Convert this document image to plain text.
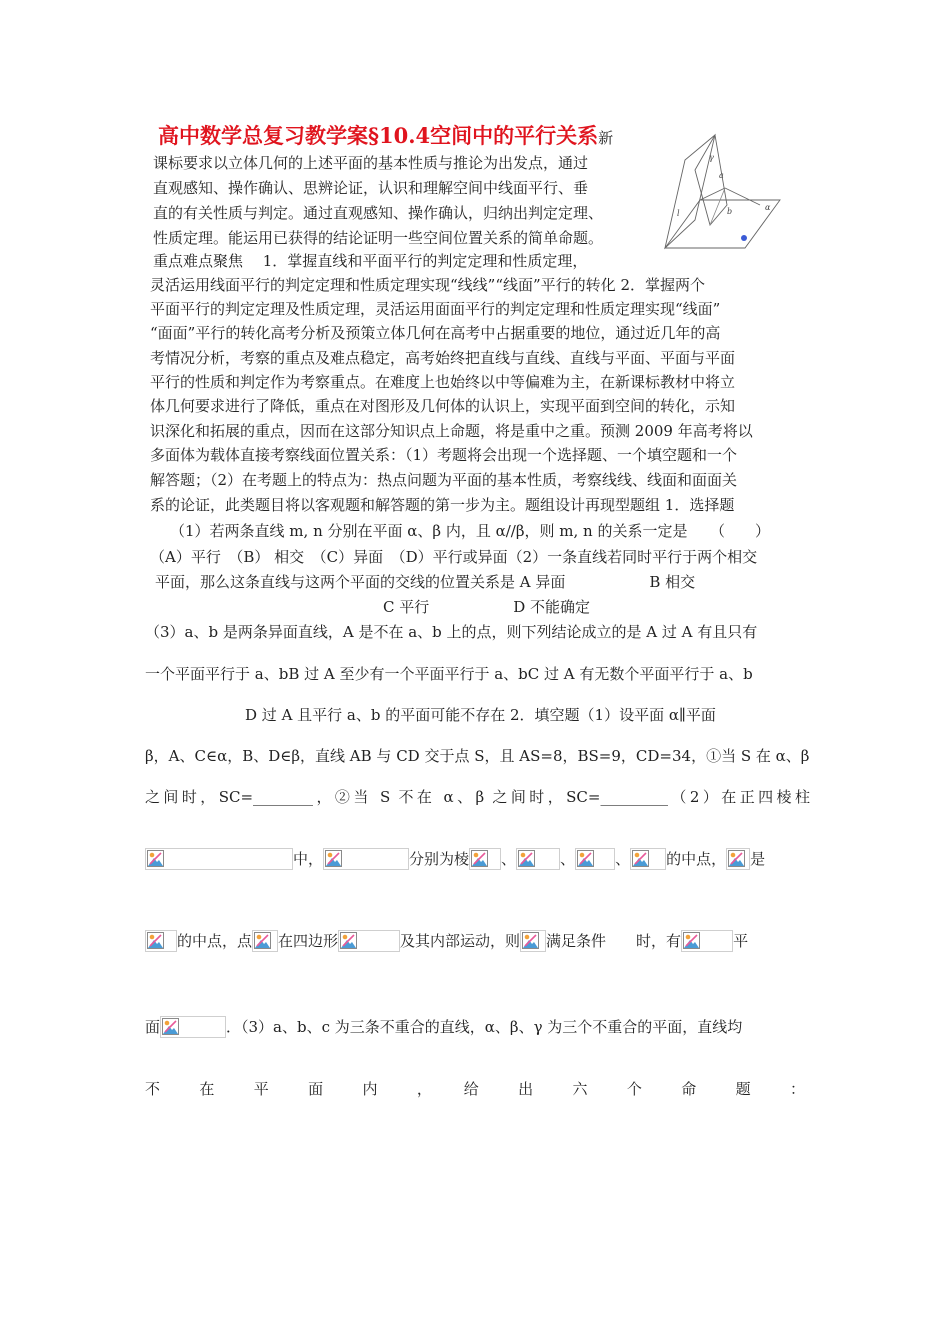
高中数学总复习教学案§10.4空间中的平行关系新
γ
a
b
l
α
课标要求以立体几何的上述平面的基本性质与推论为出发点，通过
直观感知、操作确认、思辨论证，认识和理解空间中线面平行、垂
直的有关性质与判定。通过直观感知、操作确认，归纳出判定定理、
性质定理。能运用已获得的结论证明一些空间位置关系的简单命题。
重点难点聚焦　 1．掌握直线和平面平行的判定定理和性质定理，
灵活运用线面平行的判定定理和性质定理实现“线线”“线面”平行的转化 2．掌握两个
平面平行的判定定理及性质定理，灵活运用面面平行的判定定理和性质定理实现“线面”
“面面”平行的转化高考分析及预策立体几何在高考中占据重要的地位，通过近几年的高
考情况分析，考察的重点及难点稳定，高考始终把直线与直线、直线与平面、平面与平面
平行的性质和判定作为考察重点。在难度上也始终以中等偏难为主，在新课标教材中将立
体几何要求进行了降低，重点在对图形及几何体的认识上，实现平面到空间的转化，示知
识深化和拓展的重点，因而在这部分知识点上命题，将是重中之重。预测 2009 年高考将以
多面体为载体直接考察线面位置关系：（1）考题将会出现一个选择题、一个填空题和一个
解答题；（2）在考题上的特点为：热点问题为平面的基本性质，考察线线、线面和面面关
系的论证，此类题目将以客观题和解答题的第一步为主。题组设计再现型题组 1．选择题
（1）若两条直线 m, n 分别在平面 α、β 内，且 α//β，则 m, n 的关系一定是　　（　　）
（A）平行　（B） 相交　（C）异面　（D）平行或异面（2）一条直线若同时平行于两个相交
平面，那么这条直线与这两个平面的交线的位置关系是 A 异面	B 相交
C 平行	D 不能确定
（3）a、b 是两条异面直线，A 是不在 a、b 上的点，则下列结论成立的是 A 过 A 有且只有
一个平面平行于 a、bB 过 A 至少有一个平面平行于 a、bC 过 A 有无数个平面平行于 a、b
D 过 A 且平行 a、b 的平面可能不存在 2．填空题（1）设平面 α∥平面
β，A、C∈α，B、D∈β，直线 AB 与 CD 交于点 S，且 AS=8，BS=9，CD=34，①当 S 在 α、β
之间时，SC=________，②当 S 不在 α、β 之间时，SC=_________（2）在正四棱柱
中，	分别为棱 、	、	、 的中点， 是
的中点，点 在四边形	及其内部运动，则 满足条件　　时，有	平
面	．（3）a、b、c 为三条不重合的直线，α、β、γ 为三个不重合的平面，直线均
不　在　平　面　内　，　给　出　六　个　命　题　：
